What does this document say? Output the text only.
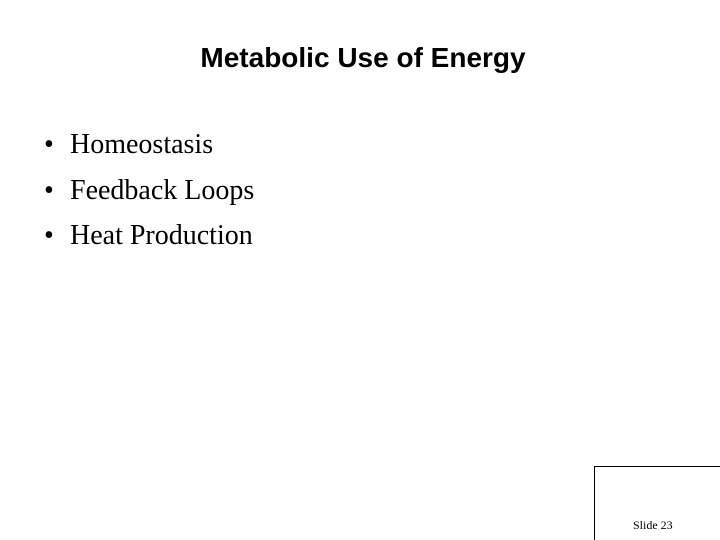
Metabolic Use of Energy
• Homeostasis
• Feedback Loops
• Heat Production
Slide 23
